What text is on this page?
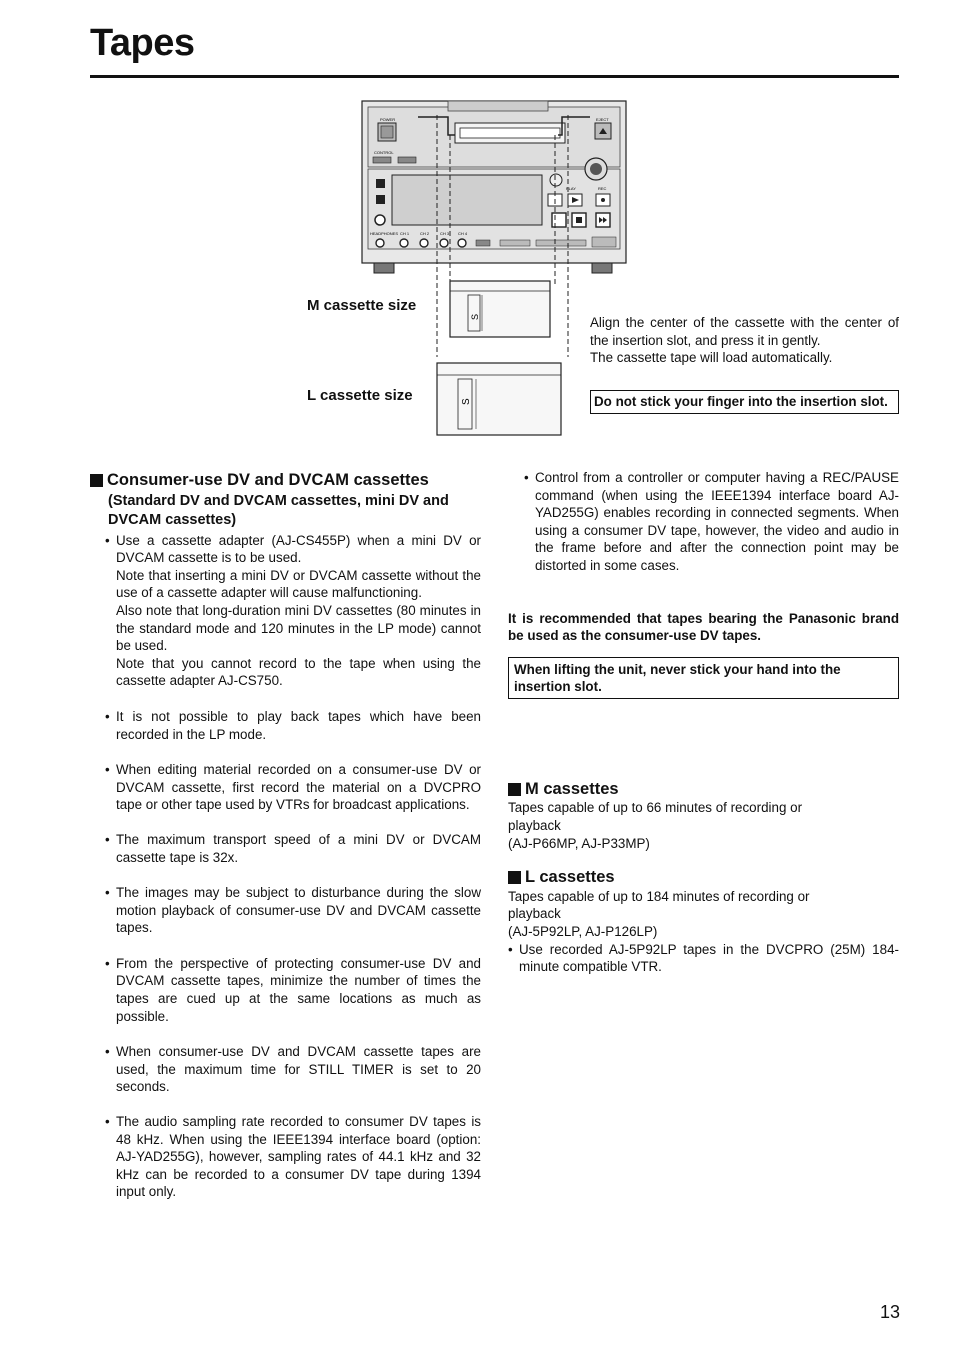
Tapes
POWER	EJECT
CONTROL
PLAY	REC
HEADPHONES CH 1	CH 2	CH 3 CH 4
S
S
M cassette size
L cassette size
Align the center of the cassette with the center of the insertion slot, and press it in gently.
The cassette tape will load automatically.
Do not stick your finger into the insertion slot.
Consumer-use DV and DVCAM cassettes
(Standard DV and DVCAM cassettes, mini DV and DVCAM cassettes)
• Use a cassette adapter (AJ-CS455P) when a mini DV or DVCAM cassette is to be used.
Note that inserting a mini DV or DVCAM cassette without the use of a cassette adapter will cause malfunctioning.
Also note that long-duration mini DV cassettes (80 minutes in the standard mode and 120 minutes in the LP mode) cannot be used.
Note that you cannot record to the tape when using the cassette adapter AJ-CS750.
• It is not possible to play back tapes which have been recorded in the LP mode.
• When editing material recorded on a consumer-use DV or DVCAM cassette, first record the material on a DVCPRO tape or other tape used by VTRs for broadcast applications.
• The maximum transport speed of a mini DV or DVCAM cassette tape is 32x.
• The images may be subject to disturbance during the slow motion playback of consumer-use DV and DVCAM cassette tapes.
• From the perspective of protecting consumer-use DV and DVCAM cassette tapes, minimize the number of times the tapes are cued up at the same locations as much as possible.
• When consumer-use DV and DVCAM cassette tapes are used, the maximum time for STILL TIMER is set to 20 seconds.
• The audio sampling rate recorded to consumer DV tapes is 48 kHz. When using the IEEE1394 interface board (option: AJ-YAD255G), however, sampling rates of 44.1 kHz and 32 kHz can be recorded to a consumer DV tape during 1394 input only.
• Control from a controller or computer having a REC/PAUSE command (when using the IEEE1394 interface board AJ-YAD255G) enables recording in connected segments. When using a consumer DV tape, however, the video and audio in the frame before and after the connection point may be distorted in some cases.

It is recommended that tapes bearing the Panasonic brand be used as the consumer-use DV tapes.

When lifting the unit, never stick your hand into the insertion slot.
M cassettes
Tapes capable of up to 66 minutes of recording or playback
(AJ-P66MP, AJ-P33MP)
L cassettes
Tapes capable of up to 184 minutes of recording or playback
(AJ-5P92LP, AJ-P126LP)
• Use recorded AJ-5P92LP tapes in the DVCPRO (25M) 184-minute compatible VTR.
13
